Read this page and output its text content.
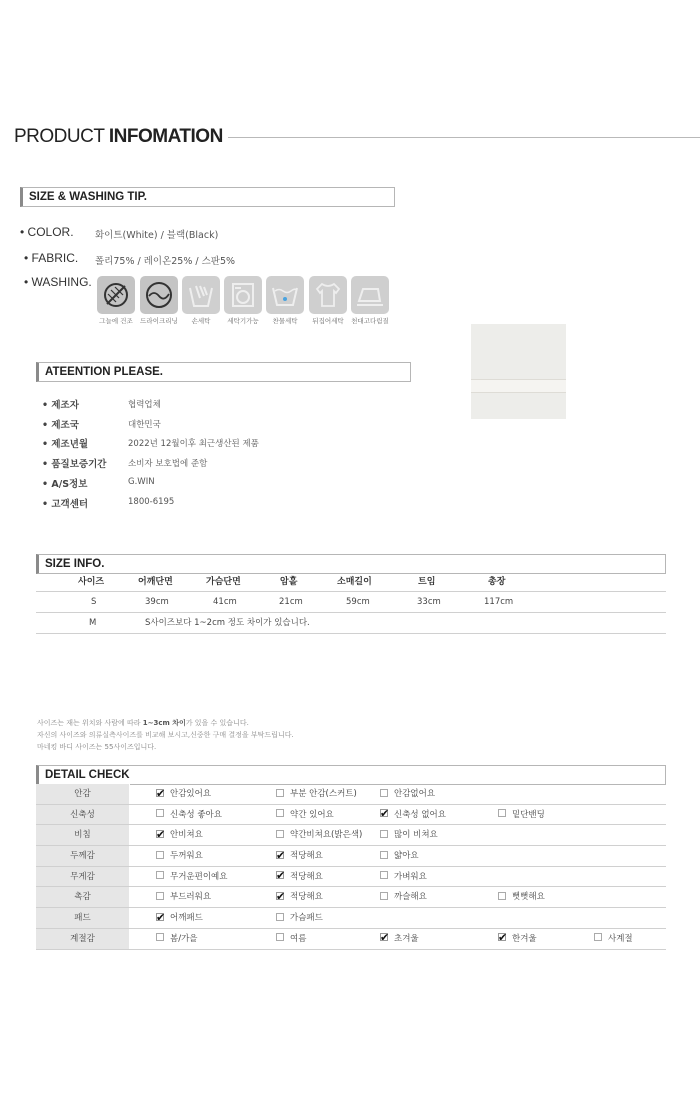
PRODUCT INFOMATION
SIZE & WASHING TIP.
• COLOR. 화이트(White) / 블랙(Black)
• FABRIC. 폴리75% / 레이온25% / 스판5%
• WASHING.
그늘에 건조	드라이크리닝	손세탁	세탁기가능	찬물세탁	뒤집어세탁	천대고다림질
ATEENTION PLEASE.
• 제조자	협력업체
• 제조국	대한민국
• 제조년월	2022년 12월이후 최근생산된 제품
• 품질보증기간	소비자 보호법에 준함
• A/S정보	G.WIN
• 고객센터	1800-6195
SIZE INFO.
사이즈	어깨단면	가슴단면	암홀	소매길이	트임	총장
S	39cm	41cm	21cm	59cm	33cm	117cm
M	S사이즈보다 1~2cm 정도 차이가 있습니다.
사이즈는 재는 위치와 사람에 따라 1~3cm 차이가 있을 수 있습니다.
자신의 사이즈와 의류실측사이즈를 비교해 보시고,신중한 구매 결정을 부탁드립니다.
마네킹 바디 사이즈는 55사이즈입니다.
DETAIL CHECK
안감 ✔	안감있어요	부분 안감(스커트)	안감없어요
신축성	신축성 좋아요	약간 있어요 ✔	신축성 없어요	밑단밴딩
비침 ✔	안비쳐요	약간비쳐요(밝은색)	많이 비쳐요
두께감	두꺼워요 ✔	적당해요	얇아요
무게감	무거운편이예요 ✔	적당해요	가벼워요
촉감	부드러워요 ✔	적당해요	까슬해요	뻣뻣해요
패드 ✔	어깨패드	가슴패드
계절감	봄/가을	여름 ✔	초겨울 ✔	한겨울	사계절
